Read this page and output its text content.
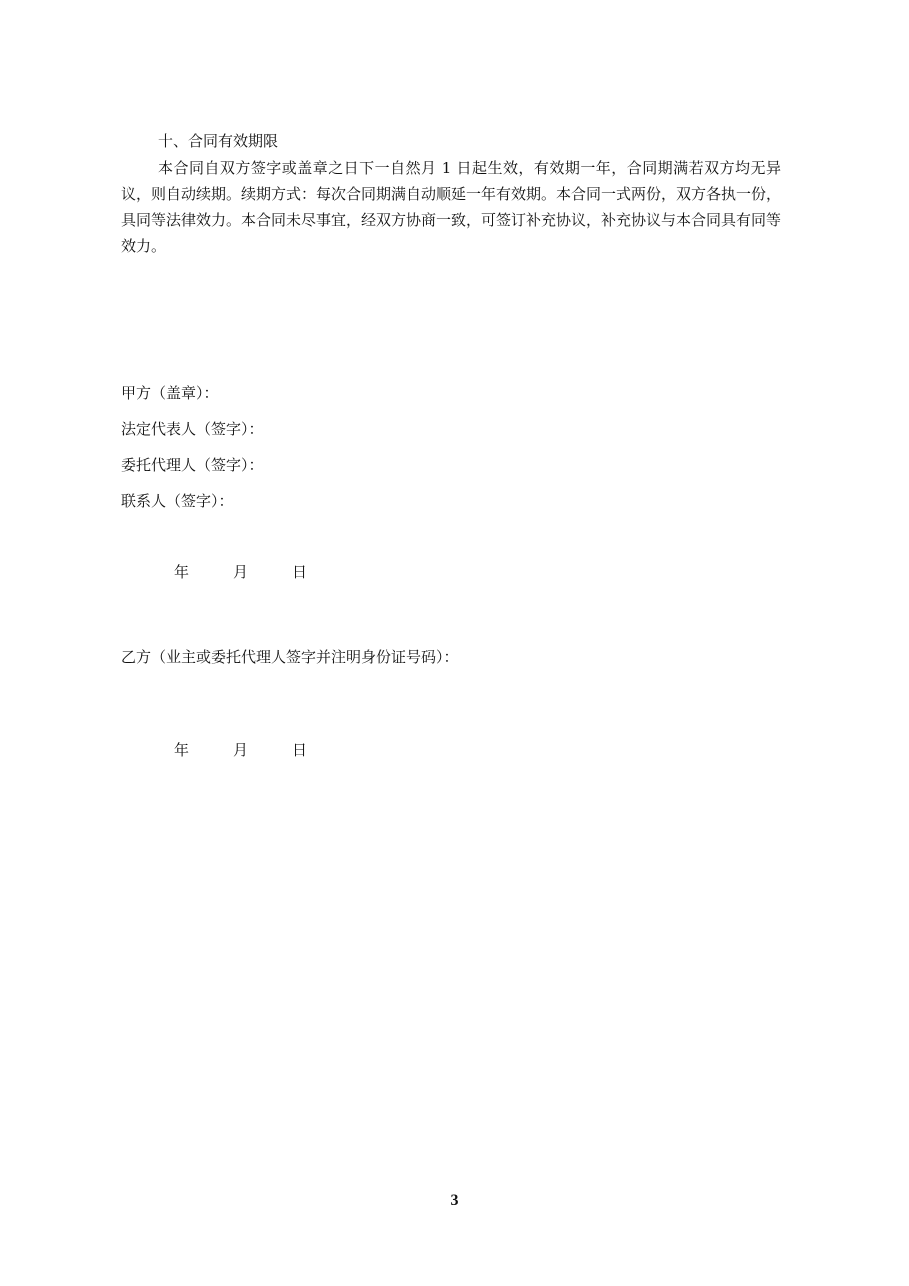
十、合同有效期限

本合同自双方签字或盖章之日下一自然月 1 日起生效，有效期一年，合同期满若双方均无异议，则自动续期。续期方式：每次合同期满自动顺延一年有效期。本合同一式两份，双方各执一份，具同等法律效力。本合同未尽事宜，经双方协商一致，可签订补充协议，补充协议与本合同具有同等效力。

甲方（盖章）：
法定代表人（签字）：
委托代理人（签字）：
联系人（签字）：
年	月	日
乙方（业主或委托代理人签字并注明身份证号码）：
年	月	日
3
